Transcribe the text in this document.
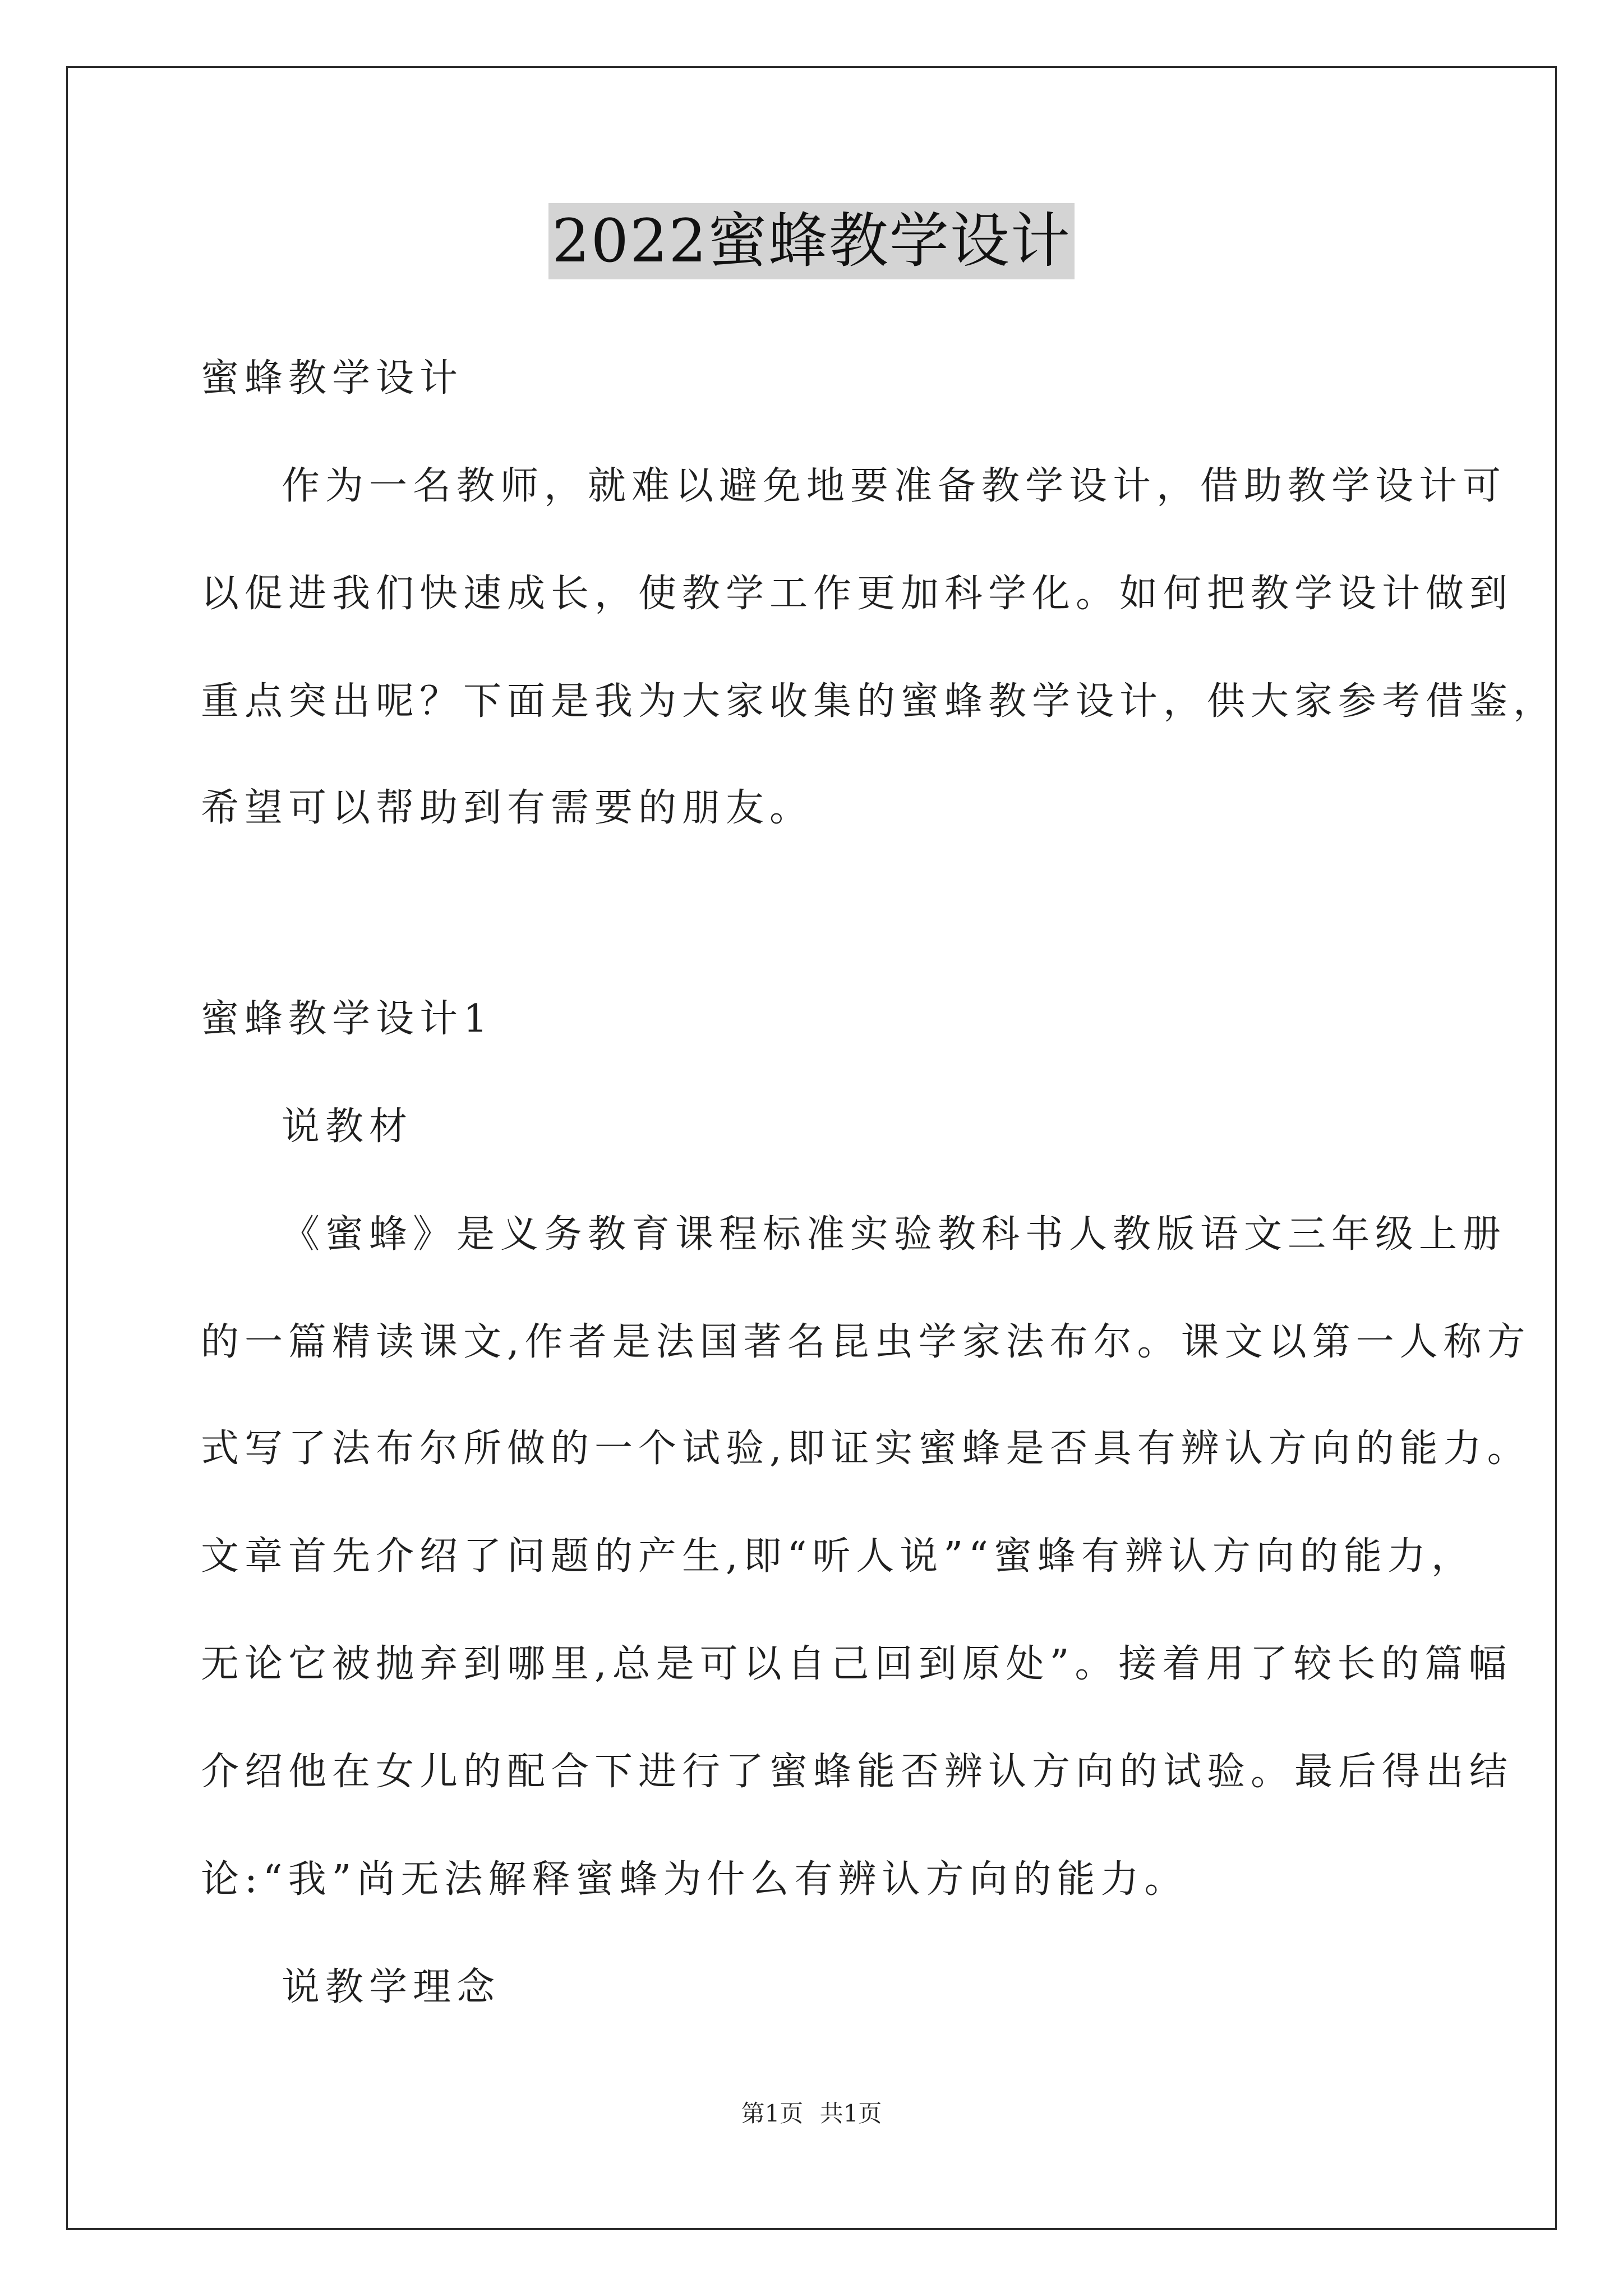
2022蜜蜂教学设计
蜜蜂教学设计
作为一名教师，就难以避免地要准备教学设计，借助教学设计可
以促进我们快速成长，使教学工作更加科学化。如何把教学设计做到
重点突出呢？下面是我为大家收集的蜜蜂教学设计，供大家参考借鉴，
希望可以帮助到有需要的朋友。
蜜蜂教学设计1
说教材
《蜜蜂》是义务教育课程标准实验教科书人教版语文三年级上册
的一篇精读课文,作者是法国著名昆虫学家法布尔。课文以第一人称方
式写了法布尔所做的一个试验,即证实蜜蜂是否具有辨认方向的能力。
文章首先介绍了问题的产生,即“听人说”“蜜蜂有辨认方向的能力，
无论它被抛弃到哪里,总是可以自己回到原处”。接着用了较长的篇幅
介绍他在女儿的配合下进行了蜜蜂能否辨认方向的试验。最后得出结
论:“我”尚无法解释蜜蜂为什么有辨认方向的能力。
说教学理念
第1页 共1页
